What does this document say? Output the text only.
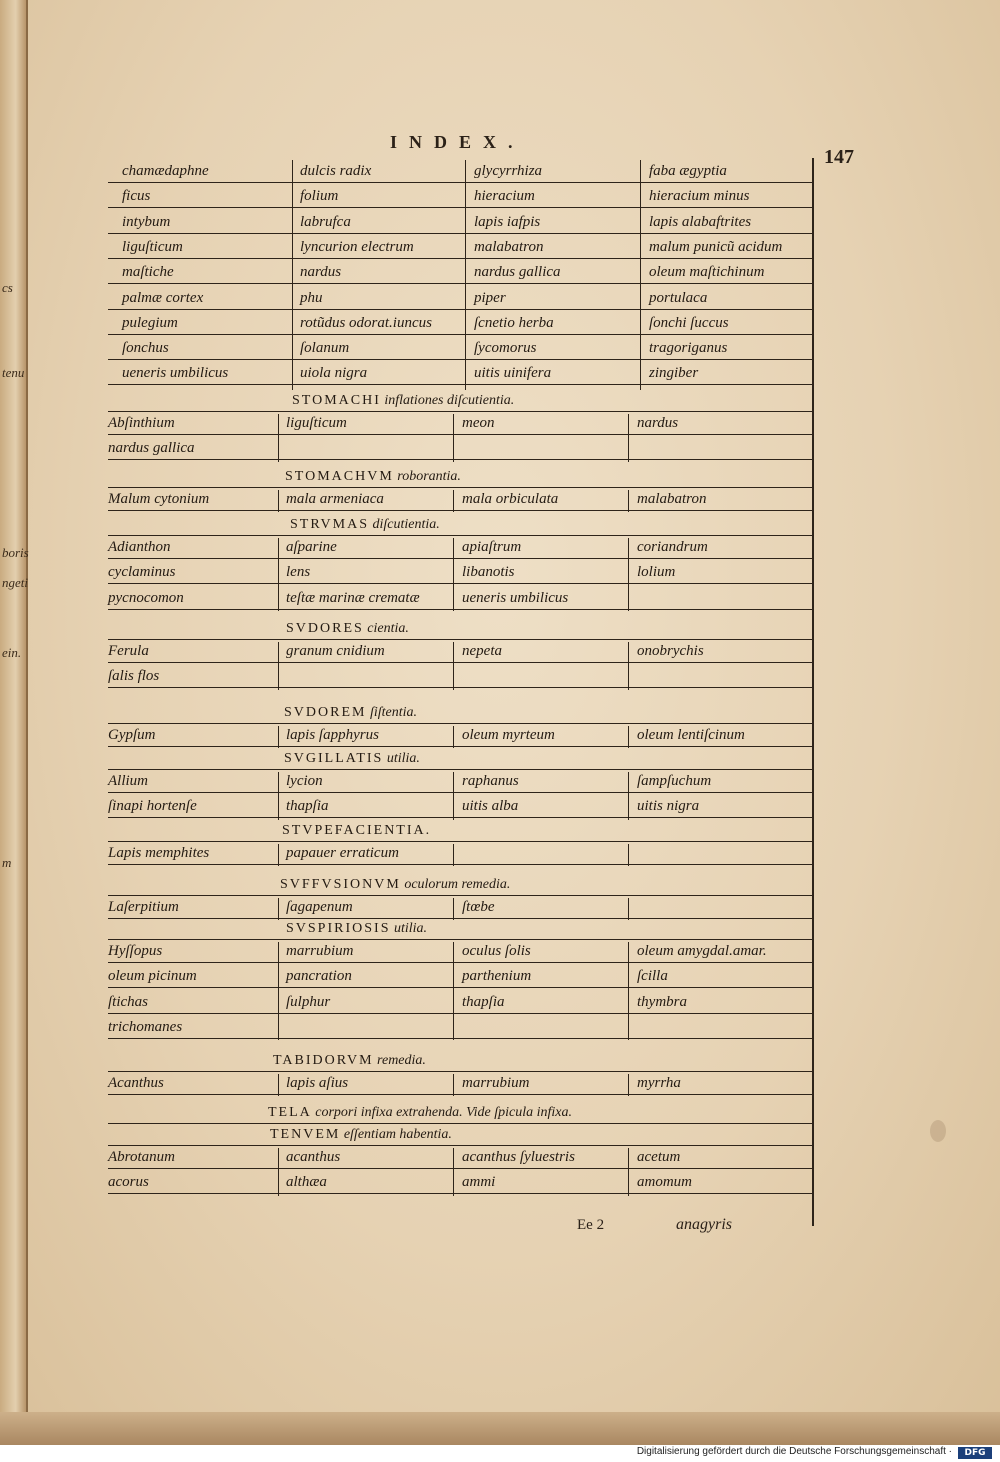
INDEX.
147
Ee 2	anagyris
Digitalisierung gefördert durch die Deutsche Forschungsgemeinschaft ·	DFG
chamædaphne	dulcis radix	glycyrrhiza	faba ægyptia
ficus	folium	hieracium	hieracium minus
intybum	labrufca	lapis iafpis	lapis alabaftrites
liguſticum	lyncurion electrum	malabatron	malum punicũ acidum
maſtiche	nardus	nardus gallica	oleum maſtichinum
palmæ cortex	phu	piper	portulaca
pulegium	rotũdus odorat.iuncus	ſcnetio herba	ſonchi ſuccus
ſonchus	ſolanum	ſycomorus	tragoriganus
ueneris umbilicus	uiola nigra	uitis uinifera	zingiber
cs
tenu
boris
ngeti
ein.
m
STOMACHI inflationes diſcutientia.
Abſinthium	liguſticum	meon	nardus
nardus gallica
STOMACHVM roborantia.
Malum cytonium	mala armeniaca	mala orbiculata	malabatron
STRVMAS diſcutientia.
Adianthon	aſparine	apiaſtrum	coriandrum
cyclaminus	lens	libanotis	lolium
pycnocomon	teſtæ marinæ crematæ	ueneris umbilicus
SVDORES cientia.
Ferula	granum cnidium	nepeta	onobrychis
ſalis flos
SVDOREM ſiſtentia.
Gypſum	lapis ſapphyrus	oleum myrteum	oleum lentiſcinum
SVGILLATIS utilia.
Allium	lycion	raphanus	ſampſuchum
ſinapi hortenſe	thapſia	uitis alba	uitis nigra
STVPEFACIENTIA.
Lapis memphites	papauer erraticum
SVFFVSIONVM oculorum remedia.
Laſerpitium	ſagapenum	ſtœbe
SVSPIRIOSIS utilia.
Hyſſopus	marrubium	oculus ſolis	oleum amygdal.amar.
oleum picinum	pancration	parthenium	ſcilla
ſtichas	ſulphur	thapſia	thymbra
trichomanes
TABIDORVM remedia.
Acanthus	lapis aſius	marrubium	myrrha
TELA corpori infixa extrahenda. Vide ſpicula infixa.
TENVEM eſſentiam habentia.
Abrotanum	acanthus	acanthus ſyluestris	acetum
acorus	althæa	ammi	amomum
